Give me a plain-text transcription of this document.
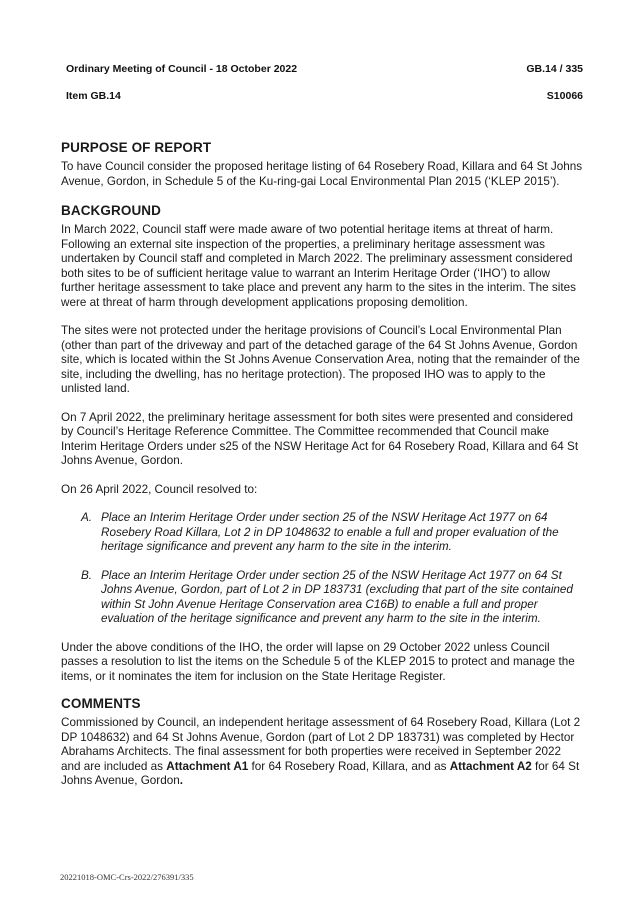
Ordinary Meeting of Council - 18 October 2022	GB.14 / 335
Item GB.14	S10066
PURPOSE OF REPORT

To have Council consider the proposed heritage listing of 64 Rosebery Road, Killara and 64 St Johns Avenue, Gordon, in Schedule 5 of the Ku-ring-gai Local Environmental Plan 2015 (‘KLEP 2015’).

BACKGROUND

In March 2022, Council staff were made aware of two potential heritage items at threat of harm. Following an external site inspection of the properties, a preliminary heritage assessment was undertaken by Council staff and completed in March 2022. The preliminary assessment considered both sites to be of sufficient heritage value to warrant an Interim Heritage Order (‘IHO’) to allow further heritage assessment to take place and prevent any harm to the sites in the interim. The sites were at threat of harm through development applications proposing demolition.

The sites were not protected under the heritage provisions of Council’s Local Environmental Plan (other than part of the driveway and part of the detached garage of the 64 St Johns Avenue, Gordon site, which is located within the St Johns Avenue Conservation Area, noting that the remainder of the site, including the dwelling, has no heritage protection). The proposed IHO was to apply to the unlisted land.

On 7 April 2022, the preliminary heritage assessment for both sites were presented and considered by Council’s Heritage Reference Committee. The Committee recommended that Council make Interim Heritage Orders under s25 of the NSW Heritage Act for 64 Rosebery Road, Killara and 64 St Johns Avenue, Gordon.

On 26 April 2022, Council resolved to:

A. Place an Interim Heritage Order under section 25 of the NSW Heritage Act 1977 on 64 Rosebery Road Killara, Lot 2 in DP 1048632 to enable a full and proper evaluation of the heritage significance and prevent any harm to the site in the interim.
B. Place an Interim Heritage Order under section 25 of the NSW Heritage Act 1977 on 64 St Johns Avenue, Gordon, part of Lot 2 in DP 183731 (excluding that part of the site contained within St John Avenue Heritage Conservation area C16B) to enable a full and proper evaluation of the heritage significance and prevent any harm to the site in the interim.

Under the above conditions of the IHO, the order will lapse on 29 October 2022 unless Council passes a resolution to list the items on the Schedule 5 of the KLEP 2015 to protect and manage the items, or it nominates the item for inclusion on the State Heritage Register.

COMMENTS

Commissioned by Council, an independent heritage assessment of 64 Rosebery Road, Killara (Lot 2 DP 1048632) and 64 St Johns Avenue, Gordon (part of Lot 2 DP 183731) was completed by Hector Abrahams Architects. The final assessment for both properties were received in September 2022 and are included as Attachment A1 for 64 Rosebery Road, Killara, and as Attachment A2 for 64 St Johns Avenue, Gordon.

20221018-OMC-Crs-2022/276391/335
